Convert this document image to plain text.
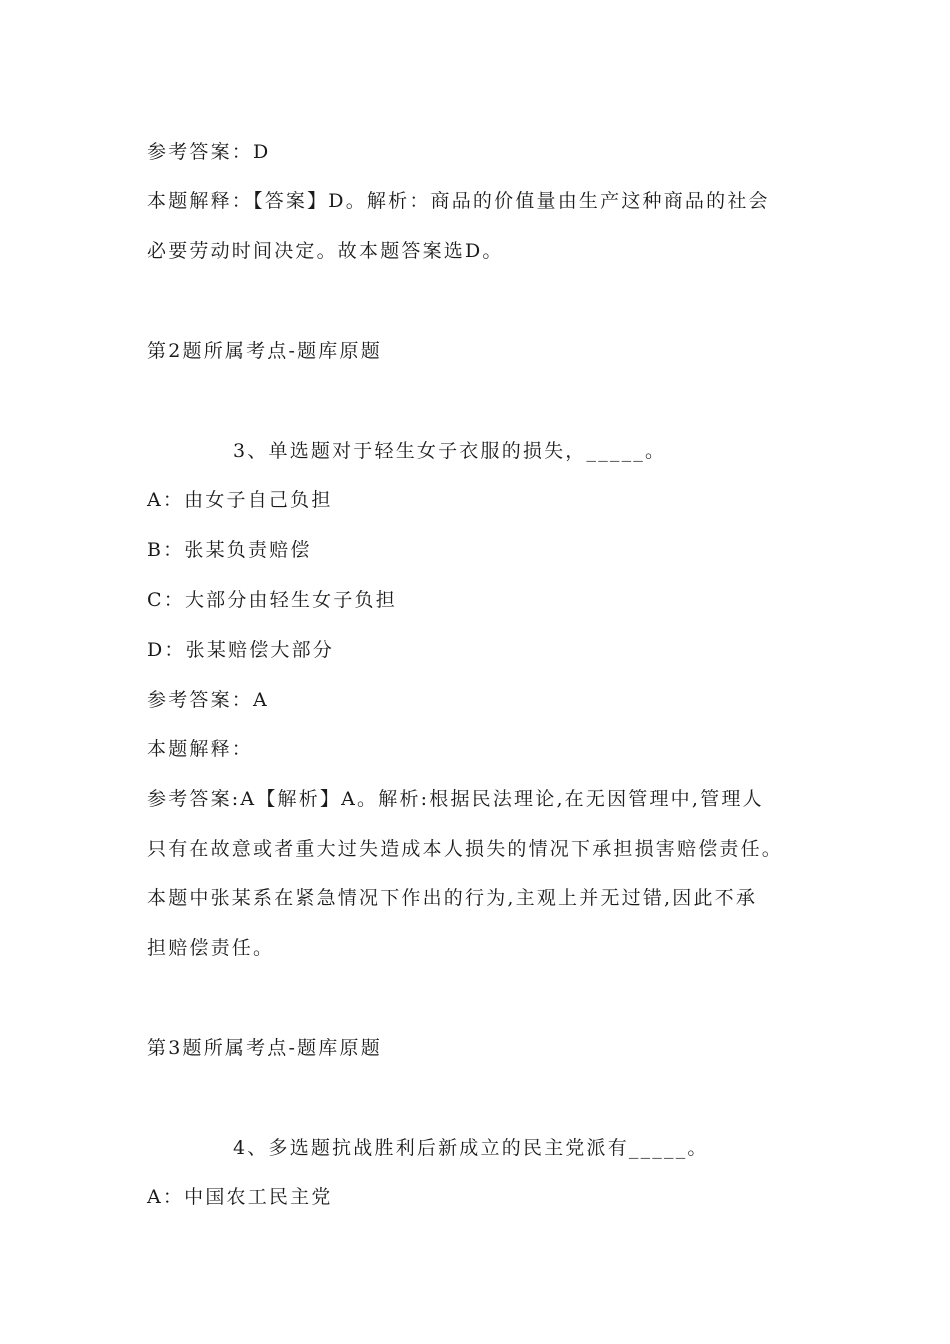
参考答案：D
本题解释：【答案】D。解析：商品的价值量由生产这种商品的社会
必要劳动时间决定。故本题答案选D。
第2题所属考点-题库原题
3、单选题对于轻生女子衣服的损失，_____。
A：由女子自己负担
B：张某负责赔偿
C：大部分由轻生女子负担
D：张某赔偿大部分
参考答案：A
本题解释：
参考答案:A【解析】A。解析:根据民法理论,在无因管理中,管理人
只有在故意或者重大过失造成本人损失的情况下承担损害赔偿责任。
本题中张某系在紧急情况下作出的行为,主观上并无过错,因此不承
担赔偿责任。
第3题所属考点-题库原题
4、多选题抗战胜利后新成立的民主党派有_____。
A：中国农工民主党
